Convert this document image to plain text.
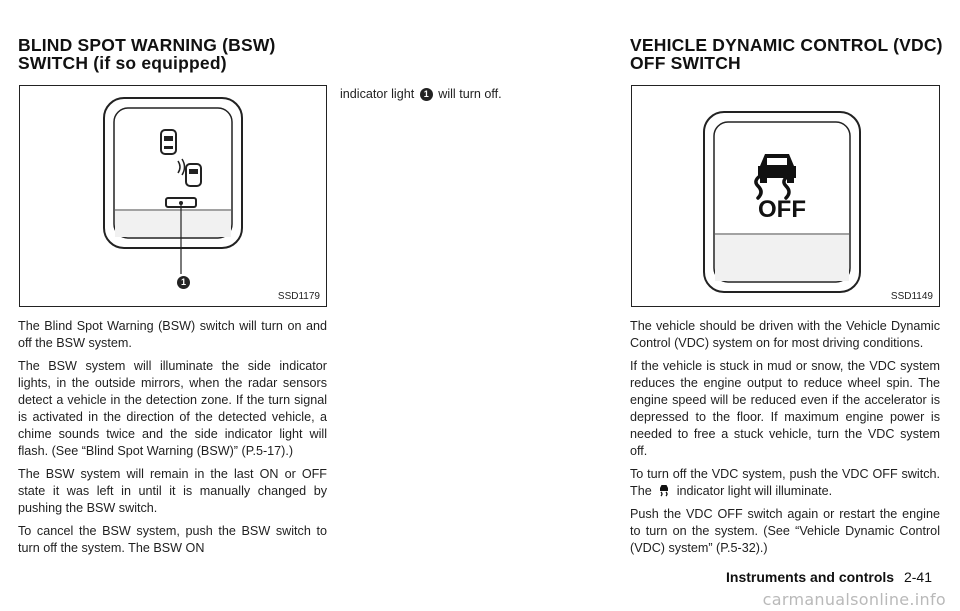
BLIND SPOT WARNING (BSW)
SWITCH (if so equipped)
1
SSD1179

The Blind Spot Warning (BSW) switch will turn on and off the BSW system.

The BSW system will illuminate the side indicator lights, in the outside mirrors, when the radar sensors detect a vehicle in the detection zone. If the turn signal is activated in the direction of the detected vehicle, a chime sounds twice and the side indicator light will flash. (See “Blind Spot Warning (BSW)” (P.5-17).)

The BSW system will remain in the last ON or OFF state it was left in until it is manually changed by pushing the BSW switch.

To cancel the BSW system, push the BSW switch to turn off the system. The BSW ON

indicator light 1 will turn off.
VEHICLE DYNAMIC CONTROL (VDC)
OFF SWITCH
OFF
SSD1149

The vehicle should be driven with the Vehicle Dynamic Control (VDC) system on for most driving conditions.

If the vehicle is stuck in mud or snow, the VDC system reduces the engine output to reduce wheel spin. The engine speed will be reduced even if the accelerator is depressed to the floor. If maximum engine power is needed to free a stuck vehicle, turn the VDC system off.

To turn off the VDC system, push the VDC OFF switch. The indicator light will illuminate.

Push the VDC OFF switch again or restart the engine to turn on the system. (See “Vehicle Dynamic Control (VDC) system” (P.5-32).)

Instruments and controls 2-41
carmanualsonline.info
